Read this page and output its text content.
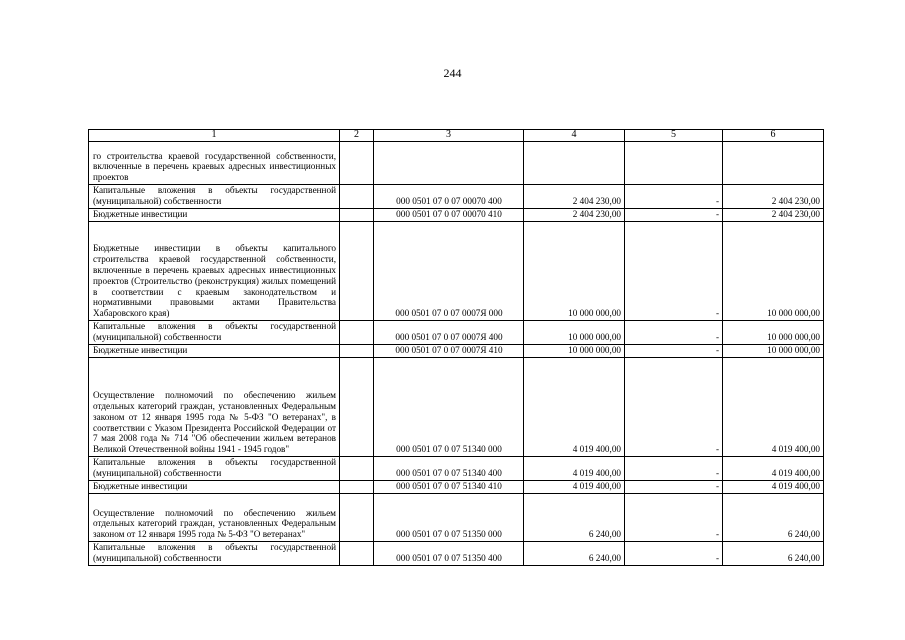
244
1	2	3	4	5	6
го строительства краевой государственной собственности, включенные в перечень краевых адресных инвестиционных проектов					
Капитальные вложения в объекты государственной (муниципальной) собственности		000 0501 07 0 07 00070 400	2 404 230,00	-	2 404 230,00
Бюджетные инвестиции		000 0501 07 0 07 00070 410	2 404 230,00	-	2 404 230,00
Бюджетные инвестиции в объекты капитального строительства краевой государственной собственности, включенные в перечень краевых адресных инвестиционных проектов (Строительство (реконструкция) жилых помещений в соответствии с краевым законодательством и нормативными правовыми актами Правительства Хабаровского края)		000 0501 07 0 07 0007Я 000	10 000 000,00	-	10 000 000,00
Капитальные вложения в объекты государственной (муниципальной) собственности		000 0501 07 0 07 0007Я 400	10 000 000,00	-	10 000 000,00
Бюджетные инвестиции		000 0501 07 0 07 0007Я 410	10 000 000,00	-	10 000 000,00
Осуществление полномочий по обеспечению жильем отдельных категорий граждан, установленных Федеральным законом от 12 января 1995 года № 5-ФЗ "О ветеранах", в соответствии с Указом Президента Российской Федерации от 7 мая 2008 года № 714 "Об обеспечении жильем ветеранов Великой Отечественной войны 1941 - 1945 годов"		000 0501 07 0 07 51340 000	4 019 400,00	-	4 019 400,00
Капитальные вложения в объекты государственной (муниципальной) собственности		000 0501 07 0 07 51340 400	4 019 400,00	-	4 019 400,00
Бюджетные инвестиции		000 0501 07 0 07 51340 410	4 019 400,00	-	4 019 400,00
Осуществление полномочий по обеспечению жильем отдельных категорий граждан, установленных Федеральным законом от 12 января 1995 года № 5-ФЗ "О ветеранах"		000 0501 07 0 07 51350 000	6 240,00	-	6 240,00
Капитальные вложения в объекты государственной (муниципальной) собственности		000 0501 07 0 07 51350 400	6 240,00	-	6 240,00
